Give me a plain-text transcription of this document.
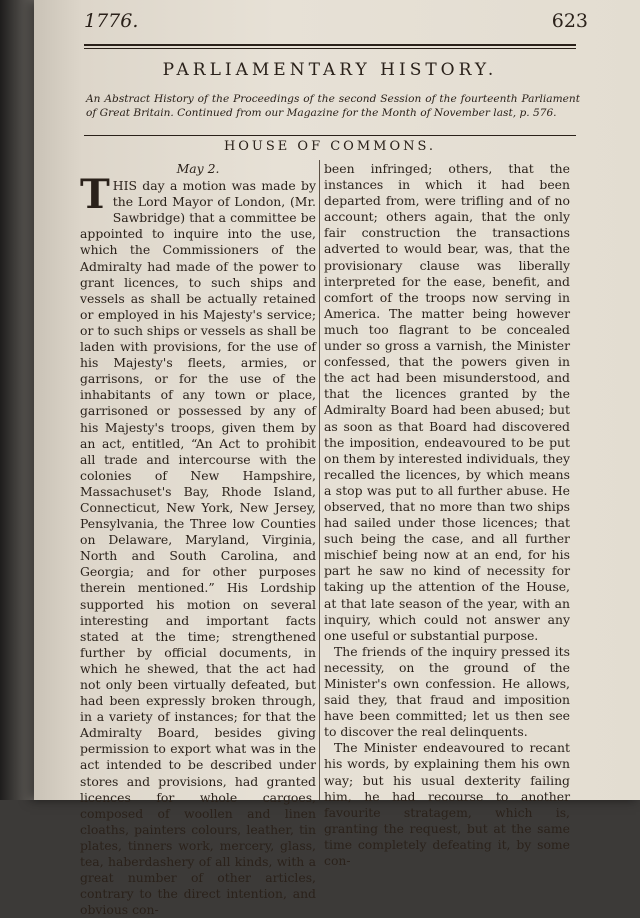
1776.	623
PARLIAMENTARY HISTORY.
An Abstract History of the Proceedings of the second Session of the fourteenth Parliament of Great Britain. Continued from our Magazine for the Month of November last, p. 576.
HOUSE OF COMMONS.
May 2.

THIS day a motion was made by the Lord Mayor of London, (Mr. Sawbridge) that a committee be appointed to inquire into the use, which the Commissioners of the Admiralty had made of the power to grant licences, to such ships and vessels as shall be actually retained or employed in his Majesty's service; or to such ships or vessels as shall be laden with provisions, for the use of his Majesty's fleets, armies, or garrisons, or for the use of the inhabitants of any town or place, garrisoned or possessed by any of his Majesty's troops, given them by an act, entitled, “An Act to prohibit all trade and intercourse with the colonies of New Hampshire, Massachuset's Bay, Rhode Island, Connecticut, New York, New Jersey, Pensylvania, the Three low Counties on Delaware, Maryland, Virginia, North and South Carolina, and Georgia; and for other purposes therein mentioned.” His Lordship supported his motion on several interesting and important facts stated at the time; strengthened further by official documents, in which he shewed, that the act had not only been virtually defeated, but had been expressly broken through, in a variety of instances; for that the Admiralty Board, besides giving permission to export what was in the act intended to be described under stores and provisions, had granted licences for whole cargoes, composed of woollen and linen cloaths, painters colours, leather, tin plates, tinners work, mercery, glass, tea, haberdashery of all kinds, with a great number of other articles, contrary to the direct intention, and obvious con-

been infringed; others, that the instances in which it had been departed from, were trifling and of no account; others again, that the only fair construction the transactions adverted to would bear, was, that the provisionary clause was liberally interpreted for the ease, benefit, and comfort of the troops now serving in America. The matter being however much too flagrant to be concealed under so gross a varnish, the Minister confessed, that the powers given in the act had been misunderstood, and that the licences granted by the Admiralty Board had been abused; but as soon as that Board had discovered the imposition, endeavoured to be put on them by interested individuals, they recalled the licences, by which means a stop was put to all further abuse. He observed, that no more than two ships had sailed under those licences; that such being the case, and all further mischief being now at an end, for his part he saw no kind of necessity for taking up the attention of the House, at that late season of the year, with an inquiry, which could not answer any one useful or substantial purpose.

The friends of the inquiry pressed its necessity, on the ground of the Minister's own confession. He allows, said they, that fraud and imposition have been committed; let us then see to discover the real delinquents.

The Minister endeavoured to recant his words, by explaining them his own way; but his usual dexterity failing him, he had recourse to another favourite stratagem, which is, granting the request, but at the same time completely defeating it, by some con-
